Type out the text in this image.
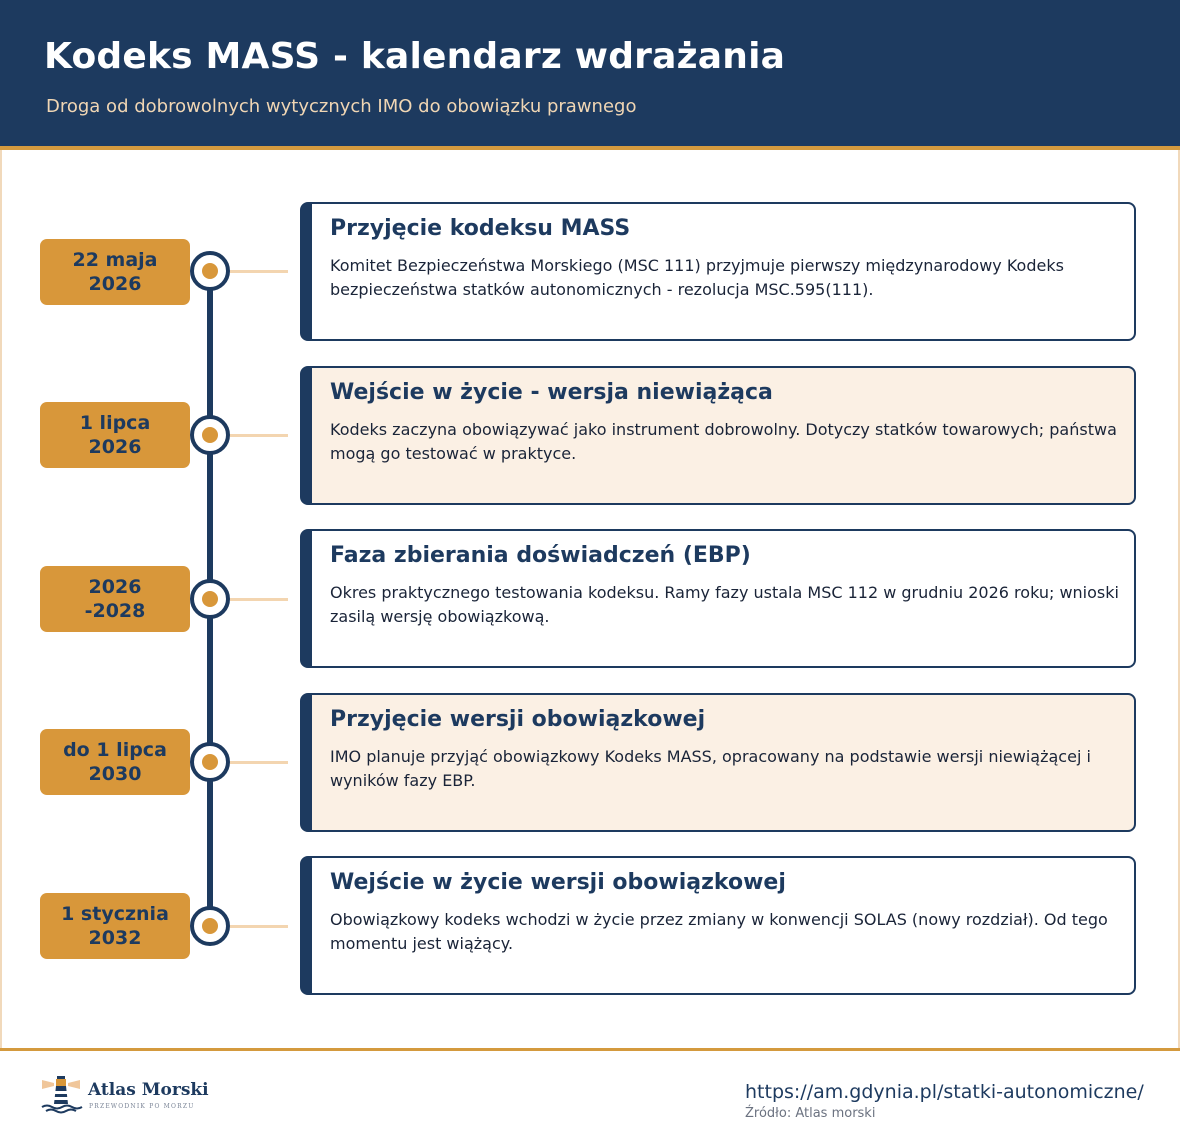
Kodeks MASS - kalendarz wdrażania
Droga od dobrowolnych wytycznych IMO do obowiązku prawnego
22 maja
2026
Przyjęcie kodeksu MASS
Komitet Bezpieczeństwa Morskiego (MSC 111) przyjmuje pierwszy międzynarodowy Kodeks bezpieczeństwa statków autonomicznych - rezolucja MSC.595(111).
1 lipca
2026
Wejście w życie - wersja niewiążąca
Kodeks zaczyna obowiązywać jako instrument dobrowolny. Dotyczy statków towarowych; państwa mogą go testować w praktyce.
2026
-2028
Faza zbierania doświadczeń (EBP)
Okres praktycznego testowania kodeksu. Ramy fazy ustala MSC 112 w grudniu 2026 roku; wnioski zasilą wersję obowiązkową.
do 1 lipca
2030
Przyjęcie wersji obowiązkowej
IMO planuje przyjąć obowiązkowy Kodeks MASS, opracowany na podstawie wersji niewiążącej i wyników fazy EBP.
1 stycznia
2032
Wejście w życie wersji obowiązkowej
Obowiązkowy kodeks wchodzi w życie przez zmiany w konwencji SOLAS (nowy rozdział). Od tego momentu jest wiążący.
Atlas Morski
PRZEWODNIK PO MORZU
https://am.gdynia.pl/statki-autonomiczne/
Źródło: Atlas morski
